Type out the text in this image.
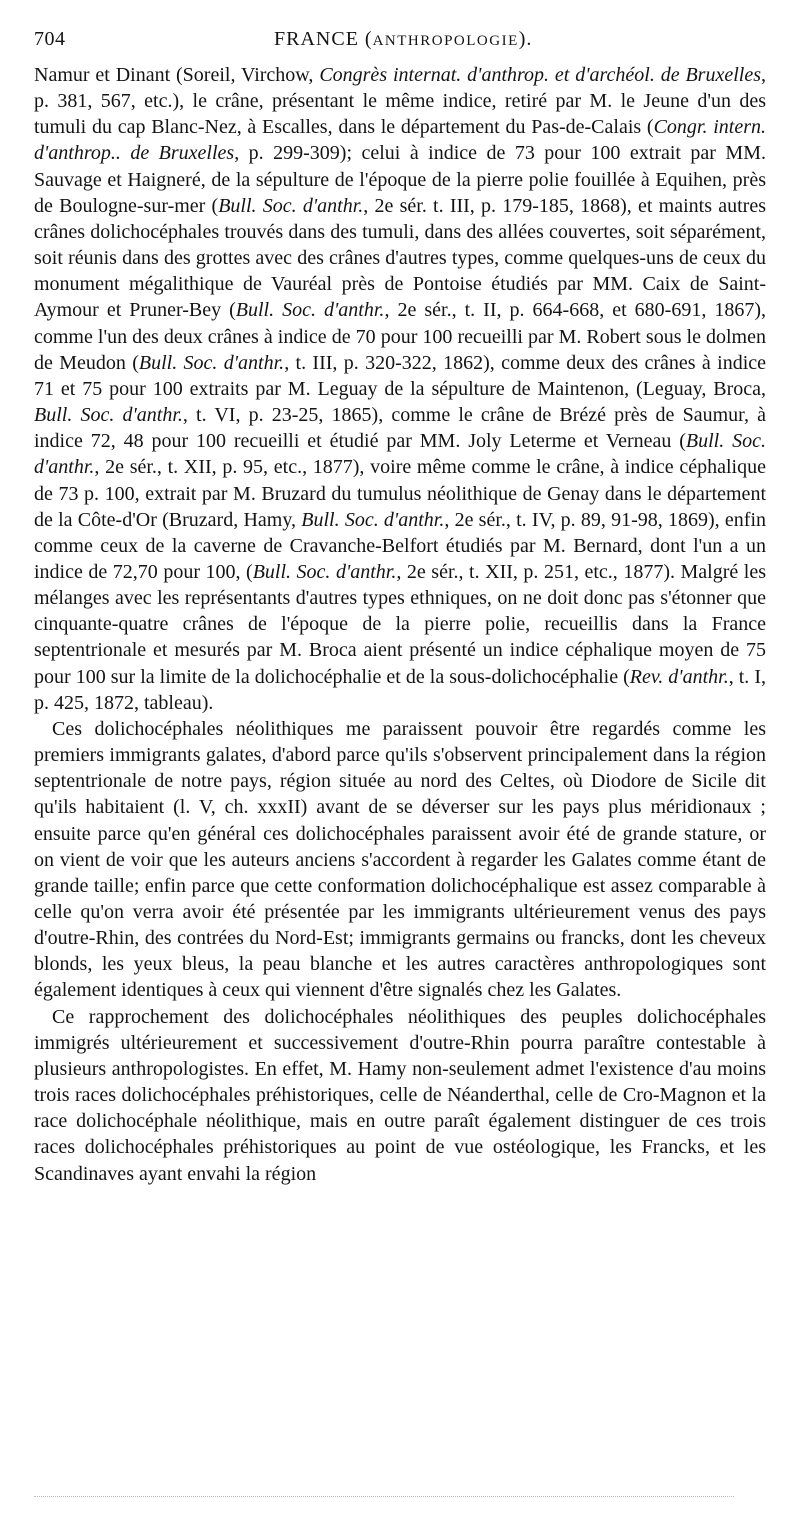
704	FRANCE (ANTHROPOLOGIE).

Namur et Dinant (Soreil, Virchow, Congrès internat. d'anthrop. et d'archéol. de Bruxelles, p. 381, 567, etc.), le crâne, présentant le même indice, retiré par M. le Jeune d'un des tumuli du cap Blanc-Nez, à Escalles, dans le département du Pas-de-Calais (Congr. intern. d'anthrop.. de Bruxelles, p. 299-309); celui à indice de 73 pour 100 extrait par MM. Sauvage et Haigneré, de la sépulture de l'époque de la pierre polie fouillée à Equihen, près de Boulogne-sur-mer (Bull. Soc. d'anthr., 2e sér. t. III, p. 179-185, 1868), et maints autres crânes dolichocéphales trouvés dans des tumuli, dans des allées couvertes, soit séparément, soit réunis dans des grottes avec des crânes d'autres types, comme quelques-uns de ceux du monument mégalithique de Vauréal près de Pontoise étudiés par MM. Caix de Saint-Aymour et Pruner-Bey (Bull. Soc. d'anthr., 2e sér., t. II, p. 664-668, et 680-691, 1867), comme l'un des deux crânes à indice de 70 pour 100 recueilli par M. Robert sous le dolmen de Meudon (Bull. Soc. d'anthr., t. III, p. 320-322, 1862), comme deux des crânes à indice 71 et 75 pour 100 extraits par M. Leguay de la sépulture de Maintenon, (Leguay, Broca, Bull. Soc. d'anthr., t. VI, p. 23-25, 1865), comme le crâne de Brézé près de Saumur, à indice 72, 48 pour 100 recueilli et étudié par MM. Joly Leterme et Verneau (Bull. Soc. d'anthr., 2e sér., t. XII, p. 95, etc., 1877), voire même comme le crâne, à indice céphalique de 73 p. 100, extrait par M. Bruzard du tumulus néolithique de Genay dans le département de la Côte-d'Or (Bruzard, Hamy, Bull. Soc. d'anthr., 2e sér., t. IV, p. 89, 91-98, 1869), enfin comme ceux de la caverne de Cravanche-Belfort étudiés par M. Bernard, dont l'un a un indice de 72,70 pour 100, (Bull. Soc. d'anthr., 2e sér., t. XII, p. 251, etc., 1877). Malgré les mélanges avec les représentants d'autres types ethniques, on ne doit donc pas s'étonner que cinquante-quatre crânes de l'époque de la pierre polie, recueillis dans la France septentrionale et mesurés par M. Broca aient présenté un indice céphalique moyen de 75 pour 100 sur la limite de la dolichocéphalie et de la sous-dolichocéphalie (Rev. d'anthr., t. I, p. 425, 1872, tableau).

Ces dolichocéphales néolithiques me paraissent pouvoir être regardés comme les premiers immigrants galates, d'abord parce qu'ils s'observent principalement dans la région septentrionale de notre pays, région située au nord des Celtes, où Diodore de Sicile dit qu'ils habitaient (l. V, ch. xxxII) avant de se déverser sur les pays plus méridionaux ; ensuite parce qu'en général ces dolichocéphales paraissent avoir été de grande stature, or on vient de voir que les auteurs anciens s'accordent à regarder les Galates comme étant de grande taille; enfin parce que cette conformation dolichocéphalique est assez comparable à celle qu'on verra avoir été présentée par les immigrants ultérieurement venus des pays d'outre-Rhin, des contrées du Nord-Est; immigrants germains ou francks, dont les cheveux blonds, les yeux bleus, la peau blanche et les autres caractères anthropologiques sont également identiques à ceux qui viennent d'être signalés chez les Galates.

Ce rapprochement des dolichocéphales néolithiques des peuples dolichocéphales immigrés ultérieurement et successivement d'outre-Rhin pourra paraître contestable à plusieurs anthropologistes. En effet, M. Hamy non-seulement admet l'existence d'au moins trois races dolichocéphales préhistoriques, celle de Néanderthal, celle de Cro-Magnon et la race dolichocéphale néolithique, mais en outre paraît également distinguer de ces trois races dolichocéphales préhistoriques au point de vue ostéologique, les Francks, et les Scandinaves ayant envahi la région
